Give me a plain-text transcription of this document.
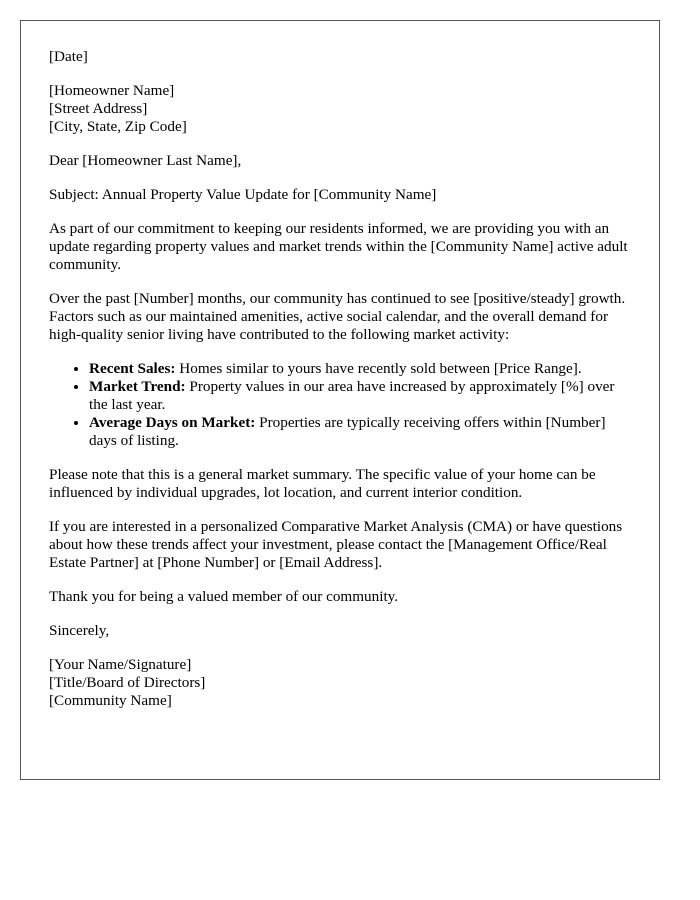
[Date]

[Homeowner Name]
[Street Address]
[City, State, Zip Code]

Dear [Homeowner Last Name],

Subject: Annual Property Value Update for [Community Name]

As part of our commitment to keeping our residents informed, we are providing you with an update regarding property values and market trends within the [Community Name] active adult community.

Over the past [Number] months, our community has continued to see [positive/steady] growth. Factors such as our maintained amenities, active social calendar, and the overall demand for high-quality senior living have contributed to the following market activity:

• Recent Sales: Homes similar to yours have recently sold between [Price Range].
• Market Trend: Property values in our area have increased by approximately [%] over the last year.
• Average Days on Market: Properties are typically receiving offers within [Number] days of listing.

Please note that this is a general market summary. The specific value of your home can be influenced by individual upgrades, lot location, and current interior condition.

If you are interested in a personalized Comparative Market Analysis (CMA) or have questions about how these trends affect your investment, please contact the [Management Office/Real Estate Partner] at [Phone Number] or [Email Address].

Thank you for being a valued member of our community.

Sincerely,

[Your Name/Signature]
[Title/Board of Directors]
[Community Name]
